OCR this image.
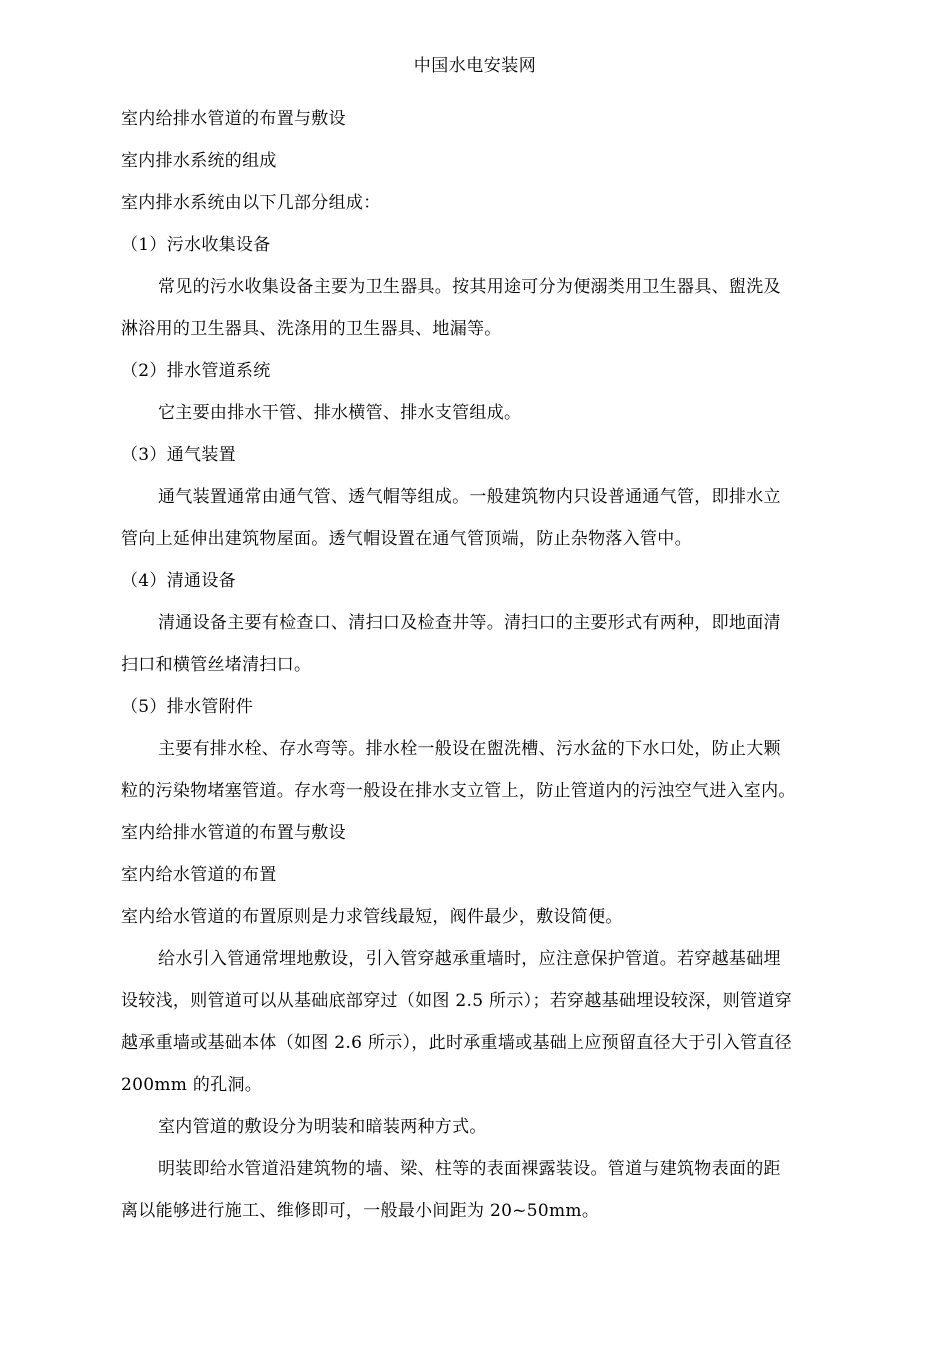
中国水电安装网
室内给排水管道的布置与敷设
室内排水系统的组成
室内排水系统由以下几部分组成：
（1）污水收集设备
常见的污水收集设备主要为卫生器具。按其用途可分为便溺类用卫生器具、盥洗及
淋浴用的卫生器具、洗涤用的卫生器具、地漏等。
（2）排水管道系统
它主要由排水干管、排水横管、排水支管组成。
（3）通气装置
通气装置通常由通气管、透气帽等组成。一般建筑物内只设普通通气管，即排水立
管向上延伸出建筑物屋面。透气帽设置在通气管顶端，防止杂物落入管中。
（4）清通设备
清通设备主要有检查口、清扫口及检查井等。清扫口的主要形式有两种，即地面清
扫口和横管丝堵清扫口。
（5）排水管附件
主要有排水栓、存水弯等。排水栓一般设在盥洗槽、污水盆的下水口处，防止大颗
粒的污染物堵塞管道。存水弯一般设在排水支立管上，防止管道内的污浊空气进入室内。
室内给排水管道的布置与敷设
室内给水管道的布置
室内给水管道的布置原则是力求管线最短，阀件最少，敷设简便。
给水引入管通常埋地敷设，引入管穿越承重墙时，应注意保护管道。若穿越基础埋
设较浅，则管道可以从基础底部穿过（如图 2.5 所示）；若穿越基础埋设较深，则管道穿
越承重墙或基础本体（如图 2.6 所示），此时承重墙或基础上应预留直径大于引入管直径
200mm 的孔洞。
室内管道的敷设分为明装和暗装两种方式。
明装即给水管道沿建筑物的墙、梁、柱等的表面裸露装设。管道与建筑物表面的距
离以能够进行施工、维修即可，一般最小间距为 20~50mm。
